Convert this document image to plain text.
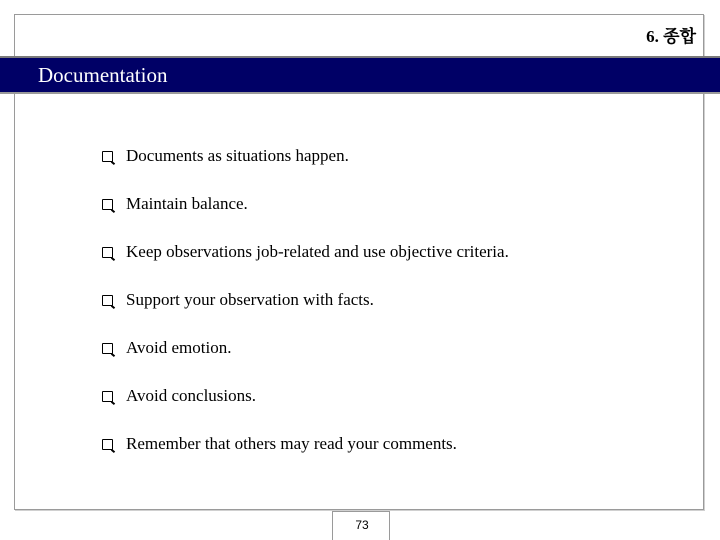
6. 종합
Documentation
Documents as situations happen.
Maintain balance.
Keep observations job-related and use objective criteria.
Support your observation with facts.
Avoid emotion.
Avoid conclusions.
Remember that others may read your comments.
73
